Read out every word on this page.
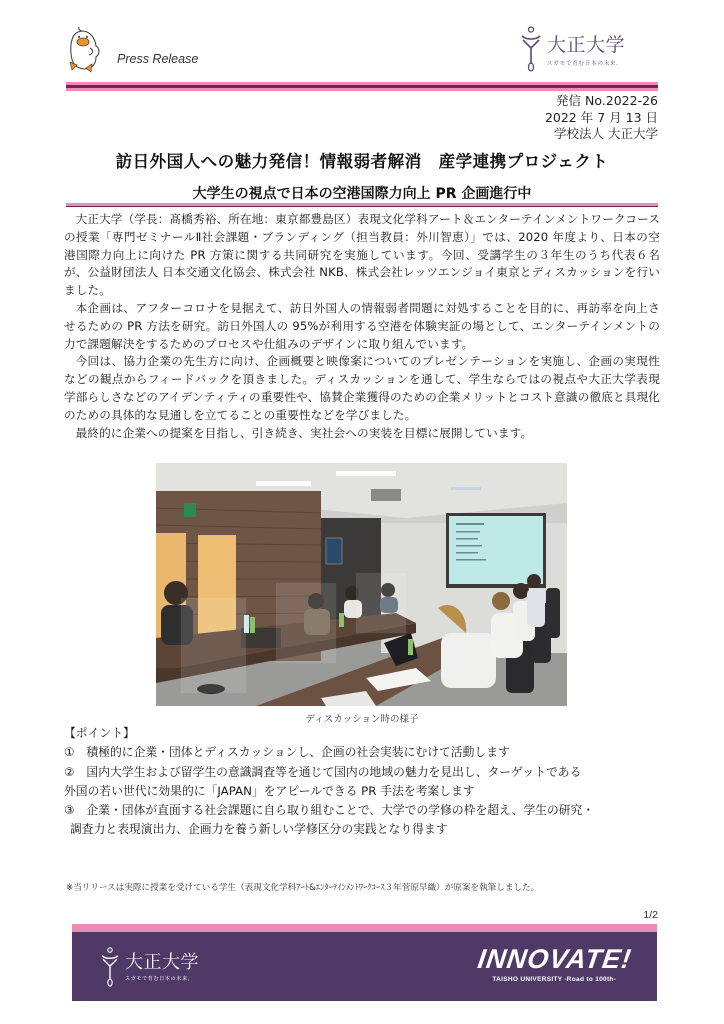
Press Release
大正大学
スガモで育む日本の未来。
発信 No.2022-26
2022 年 7 月 13 日
学校法人 大正大学
訪日外国人への魅力発信！情報弱者解消　産学連携プロジェクト
大学生の視点で日本の空港国際力向上 PR 企画進行中

大正大学（学長：髙橋秀裕、所在地：東京都豊島区）表現文化学科アート＆エンターテインメントワークコースの授業「専門ゼミナールⅡ社会課題・ブランディング（担当教員：外川智恵）」では、2020 年度より、日本の空港国際力向上に向けた PR 方策に関する共同研究を実施しています。今回、受講学生の３年生のうち代表６名が、公益財団法人 日本交通文化協会、株式会社 NKB、株式会社レッツエンジョイ東京とディスカッションを行いました。

本企画は、アフターコロナを見据えて、訪日外国人の情報弱者問題に対処することを目的に、再訪率を向上させるための PR 方法を研究。訪日外国人の 95%が利用する空港を体験実証の場として、エンターテインメントの力で課題解決をするためのプロセスや仕組みのデザインに取り組んでいます。

今回は、協力企業の先生方に向け、企画概要と映像案についてのプレゼンテーションを実施し、企画の実現性などの観点からフィードバックを頂きました。ディスカッションを通して、学生ならではの視点や大正大学表現学部らしさなどのアイデンティティの重要性や、協賛企業獲得のための企業メリットとコスト意識の徹底と具現化のための具体的な見通しを立てることの重要性などを学びました。

最終的に企業への提案を目指し、引き続き、実社会への実装を目標に展開しています。

ディスカッション時の様子
【ポイント】
①　 積極的に企業・団体とディスカッションし、企画の社会実装にむけて活動します
②　 国内大学生および留学生の意識調査等を通じて国内の地域の魅力を見出し、ターゲットである
外国の若い世代に効果的に「JAPAN」をアピールできる PR 手法を考案します
③　 企業・団体が直面する社会課題に自ら取り組むことで、大学での学修の枠を超え、学生の研究・
調査力と表現演出力、企画力を養う新しい学修区分の実践となり得ます
※当リリースは実際に授業を受けている学生（表現文化学科ｱｰﾄ&ｴﾝﾀｰﾃｲﾝﾒﾝﾄﾜｰｸｺｰｽ３年菅原早織）が原案を執筆しました。
1/2
大正大学
スガモで育む日本の未来。
INNOVATE!
TAISHO UNIVERSITY -Road to 100th-
